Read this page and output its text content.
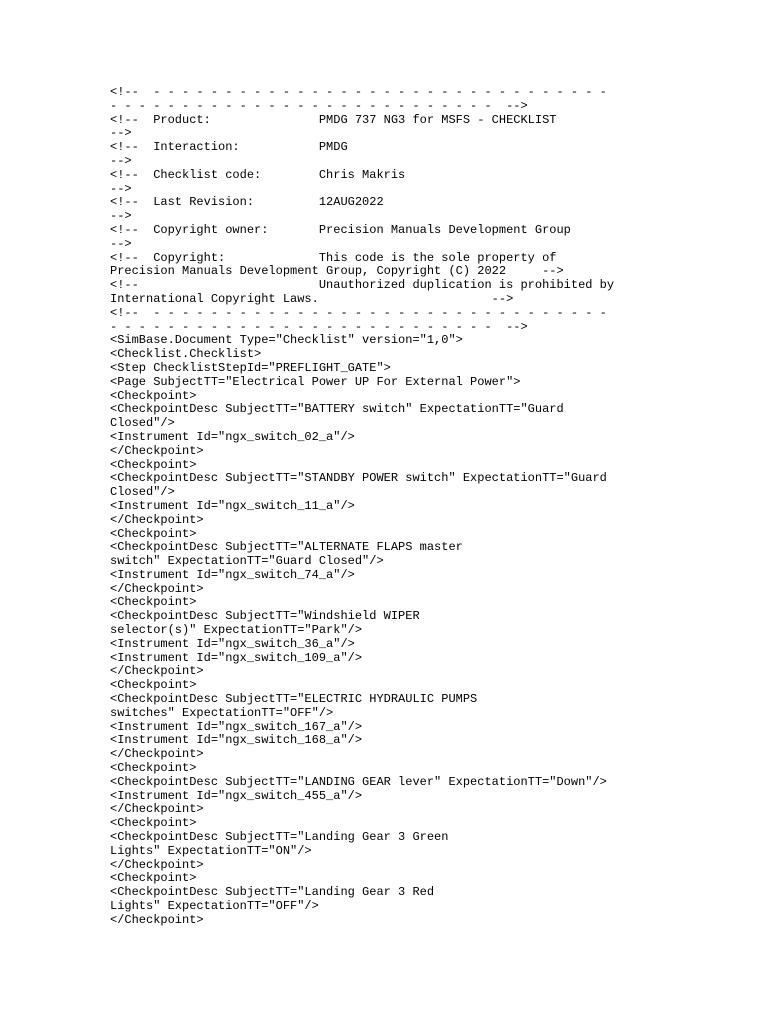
<!--  - - - - - - - - - - - - - - - - - - - - - - - - - - - - - - - -
- - - - - - - - - - - - - - - - - - - - - - - - - - -  -->
<!--  Product:               PMDG 737 NG3 for MSFS - CHECKLIST
-->
<!--  Interaction:           PMDG
-->
<!--  Checklist code:        Chris Makris
-->
<!--  Last Revision:         12AUG2022
-->
<!--  Copyright owner:       Precision Manuals Development Group
-->
<!--  Copyright:             This code is the sole property of
Precision Manuals Development Group, Copyright (C) 2022     -->
<!--                         Unauthorized duplication is prohibited by
International Copyright Laws.                        -->
<!--  - - - - - - - - - - - - - - - - - - - - - - - - - - - - - - - -
- - - - - - - - - - - - - - - - - - - - - - - - - - -  -->
<SimBase.Document Type="Checklist" version="1,0">
<Checklist.Checklist>
<Step ChecklistStepId="PREFLIGHT_GATE">
<Page SubjectTT="Electrical Power UP For External Power">
<Checkpoint>
<CheckpointDesc SubjectTT="BATTERY switch" ExpectationTT="Guard
Closed"/>
<Instrument Id="ngx_switch_02_a"/>
</Checkpoint>
<Checkpoint>
<CheckpointDesc SubjectTT="STANDBY POWER switch" ExpectationTT="Guard
Closed"/>
<Instrument Id="ngx_switch_11_a"/>
</Checkpoint>
<Checkpoint>
<CheckpointDesc SubjectTT="ALTERNATE FLAPS master
switch" ExpectationTT="Guard Closed"/>
<Instrument Id="ngx_switch_74_a"/>
</Checkpoint>
<Checkpoint>
<CheckpointDesc SubjectTT="Windshield WIPER
selector(s)" ExpectationTT="Park"/>
<Instrument Id="ngx_switch_36_a"/>
<Instrument Id="ngx_switch_109_a"/>
</Checkpoint>
<Checkpoint>
<CheckpointDesc SubjectTT="ELECTRIC HYDRAULIC PUMPS
switches" ExpectationTT="OFF"/>
<Instrument Id="ngx_switch_167_a"/>
<Instrument Id="ngx_switch_168_a"/>
</Checkpoint>
<Checkpoint>
<CheckpointDesc SubjectTT="LANDING GEAR lever" ExpectationTT="Down"/>
<Instrument Id="ngx_switch_455_a"/>
</Checkpoint>
<Checkpoint>
<CheckpointDesc SubjectTT="Landing Gear 3 Green
Lights" ExpectationTT="ON"/>
</Checkpoint>
<Checkpoint>
<CheckpointDesc SubjectTT="Landing Gear 3 Red
Lights" ExpectationTT="OFF"/>
</Checkpoint>
